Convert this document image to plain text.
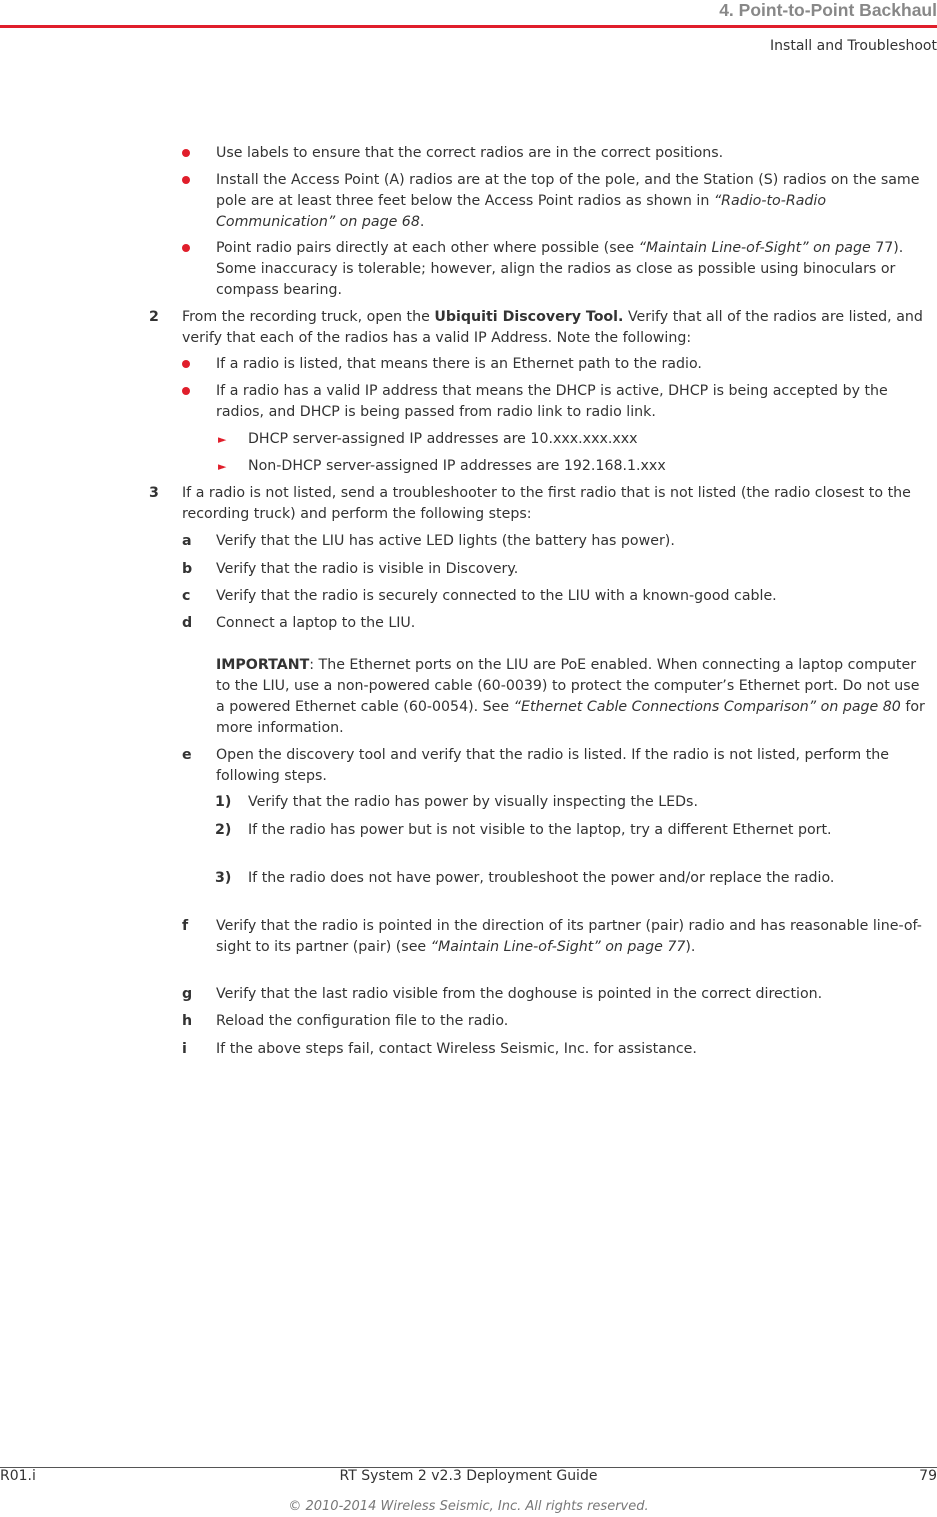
4. Point-to-Point Backhaul
Install and Troubleshoot

Use labels to ensure that the correct radios are in the correct positions.

Install the Access Point (A) radios are at the top of the pole, and the Station (S) radios on the same pole are at least three feet below the Access Point radios as shown in “Radio-to-Radio Communication” on page 68.

Point radio pairs directly at each other where possible (see “Maintain Line-of-Sight” on page 77). Some inaccuracy is tolerable; however, align the radios as close as possible using binoculars or compass bearing.

2 From the recording truck, open the Ubiquiti Discovery Tool. Verify that all of the radios are listed, and verify that each of the radios has a valid IP Address. Note the following:

If a radio is listed, that means there is an Ethernet path to the radio.

If a radio has a valid IP address that means the DHCP is active, DHCP is being accepted by the radios, and DHCP is being passed from radio link to radio link.

► DHCP server-assigned IP addresses are 10.xxx.xxx.xxx

► Non-DHCP server-assigned IP addresses are 192.168.1.xxx

3 If a radio is not listed, send a troubleshooter to the first radio that is not listed (the radio closest to the recording truck) and perform the following steps:

a Verify that the LIU has active LED lights (the battery has power).

b Verify that the radio is visible in Discovery.

c Verify that the radio is securely connected to the LIU with a known-good cable.

d Connect a laptop to the LIU.

IMPORTANT: The Ethernet ports on the LIU are PoE enabled. When connecting a laptop computer to the LIU, use a non-powered cable (60-0039) to protect the computer’s Ethernet port. Do not use a powered Ethernet cable (60-0054). See “Ethernet Cable Connections Comparison” on page 80 for more information.

e Open the discovery tool and verify that the radio is listed. If the radio is not listed, perform the following steps.

1) Verify that the radio has power by visually inspecting the LEDs.

2) If the radio has power but is not visible to the laptop, try a different Ethernet port.

3) If the radio does not have power, troubleshoot the power and/or replace the radio.

f Verify that the radio is pointed in the direction of its partner (pair) radio and has reasonable line-of-sight to its partner (pair) (see “Maintain Line-of-Sight” on page 77).

g Verify that the last radio visible from the doghouse is pointed in the correct direction.

h Reload the configuration file to the radio.

i If the above steps fail, contact Wireless Seismic, Inc. for assistance.

R01.i	RT System 2 v2.3 Deployment Guide	79
© 2010-2014 Wireless Seismic, Inc. All rights reserved.
